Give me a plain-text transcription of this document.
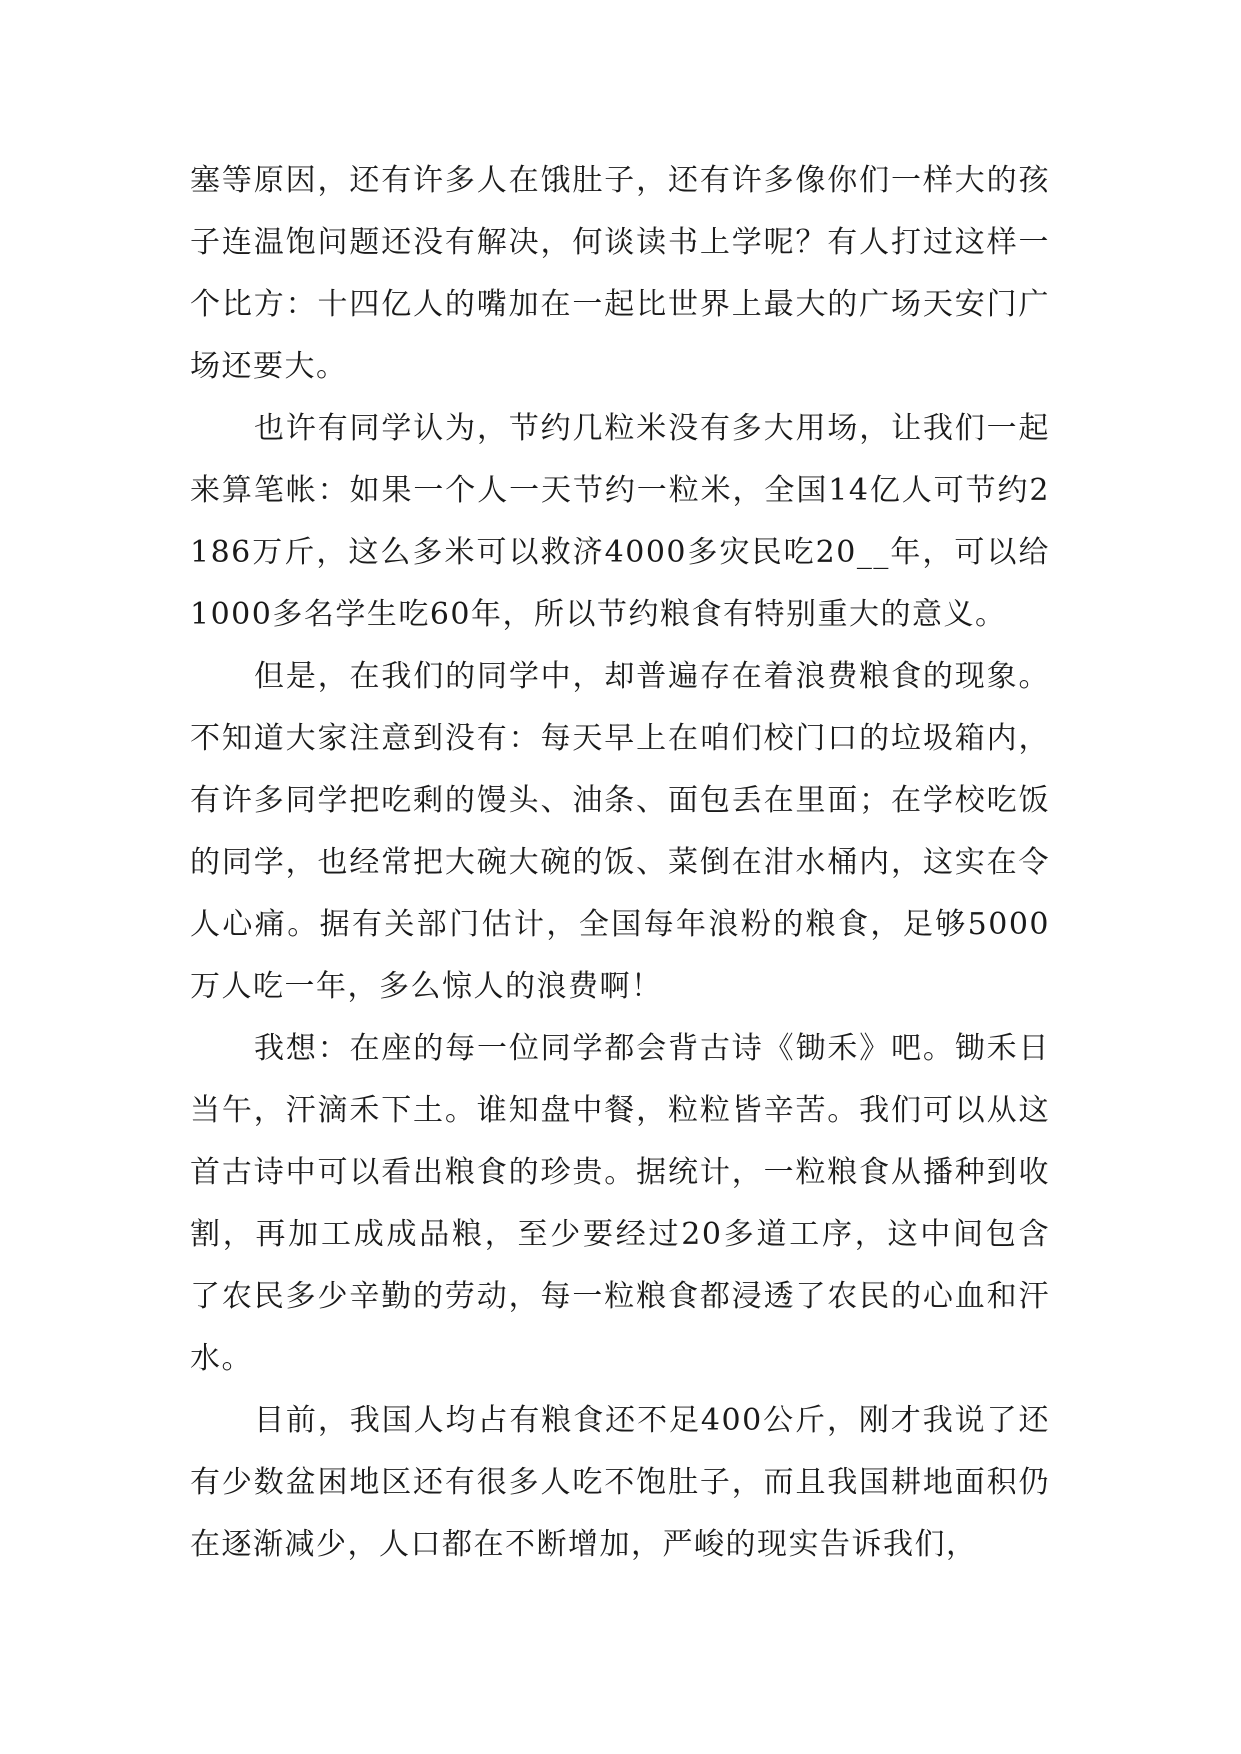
塞等原因，还有许多人在饿肚子，还有许多像你们一样大的孩子连温饱问题还没有解决，何谈读书上学呢？有人打过这样一个比方：十四亿人的嘴加在一起比世界上最大的广场天安门广场还要大。

也许有同学认为，节约几粒米没有多大用场，让我们一起来算笔帐：如果一个人一天节约一粒米，全国14亿人可节约2186万斤，这么多米可以救济4000多灾民吃20__年，可以给1000多名学生吃60年，所以节约粮食有特别重大的意义。

但是，在我们的同学中，却普遍存在着浪费粮食的现象。不知道大家注意到没有：每天早上在咱们校门口的垃圾箱内，有许多同学把吃剩的馒头、油条、面包丢在里面；在学校吃饭的同学，也经常把大碗大碗的饭、菜倒在泔水桶内，这实在令人心痛。据有关部门估计，全国每年浪粉的粮食，足够5000万人吃一年，多么惊人的浪费啊！

我想：在座的每一位同学都会背古诗《锄禾》吧。锄禾日当午，汗滴禾下土。谁知盘中餐，粒粒皆辛苦。我们可以从这首古诗中可以看出粮食的珍贵。据统计，一粒粮食从播种到收割，再加工成成品粮，至少要经过20多道工序，这中间包含了农民多少辛勤的劳动，每一粒粮食都浸透了农民的心血和汗水。

目前，我国人均占有粮食还不足400公斤，刚才我说了还有少数盆困地区还有很多人吃不饱肚子，而且我国耕地面积仍在逐渐减少，人口都在不断增加，严峻的现实告诉我们，
